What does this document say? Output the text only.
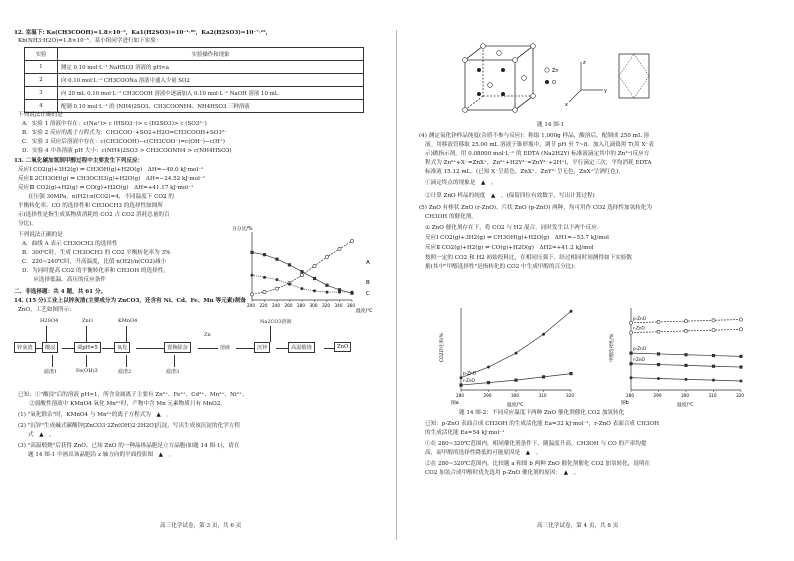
12. 室温下: Ka(CH3COOH)=1.8×10⁻⁵，Ka1(H2SO3)=10⁻¹·⁸⁹，Ka2(H2SO3)=10⁻⁷·²²，
Kb(NH3·H2O)=1.8×10⁻⁵。某小组同学进行如下实验：
实验	实验操作和现象
1	测定 0.10 mol·L⁻¹ NaHSO3 溶液的 pH≈a
2	向 0.10 mol·L⁻¹ CH3COONa 溶液中通入少量 SO2
3	向 20 mL 0.10 mol·L⁻¹ CH3COOH 溶液中逐滴加入 0.10 mol·L⁻¹ NaOH 溶液 10 mL
4	配制 0.10 mol·L⁻¹ 的 (NH4)2SO3、CH3COONH4、NH4HSO3 三种溶液
下列说法正确的是
A．实验 1 溶液中存在：c(Na⁺)> c (HSO3⁻)> c (H2SO3)> c (SO3²⁻)
B．实验 2 反应的离子方程式为：CH3COO⁻+SO2+H2O=CH3COOH+SO3²⁻
C．实验 3 反应后溶液中存在：c(CH3COOH)−c(CH3COO⁻)=c(OH⁻)−c(H⁺)
D．实验 4 中各溶液 pH 大小：c(NH4)2SO3 > CH3COONH4 > c(NH4HSO3)
13. 二氧化碳加氢制甲醇过程中主要发生下列反应：
反应Ⅰ CO2(g)+3H2(g) ⇌ CH3OH(g)+H2O(g)　ΔH=−49.0 kJ·mol⁻¹
反应Ⅱ 2CH3OH(g) ⇌ CH3OCH3(g)+H2O(g)　ΔH=−24.52 kJ·mol⁻¹
反应Ⅲ CO2(g)+H2(g) ⇌ CO(g)+H2O(g)　ΔH=+41.17 kJ·mol⁻¹
在压强 30MPa，n(H2):n(CO2)=4，不同温度下 CO2 的
平衡转化率、CO 的选择性和 CH3OCH3 的选择性如图所
示(选择性是指生成某物质消耗的 CO2 占 CO2 消耗总量的百
分比)。
下列说法正确的是
A．曲线 A 表示 CH3OCH3 的选择性
B．300℃时，生成 CH3OCH3 的 CO2 平衡转化率为 3%
C．220~240℃时，升高温度，比值 n(H2)/n(CO2)减小
D．为同时提高 CO2 的平衡转化率和 CH3OH 的选择性，
　　应选择低温、高压的反应条件
百分比/%
温度/℃
A
B
C
200 220 240 260 280 300 320 340 360
二、非选择题：共 4 题，共 61 分。
14. (15 分)工业上以锌灰渣(主要成分为 ZnCO3，还含有 Ni、Cd、Fe、Mn 等元素)制备
ZnO，工艺如图所示：
H2SO4	ZnO	KMnO4
Zn
Na2CO3溶液
锌灰渣	酸浸	调pH=5	氧化	置换除杂	溶液	沉锌	高温煅烧	ZnO
滤渣1	Fe(OH)3	滤渣2	滤渣3
已知：①"酸浸"后的溶液 pH≈1，所含金属离子主要有 Zn²⁺、Fe²⁺、Cd²⁺、Mn²⁺、Ni²⁺。
　　②弱酸性溶液中 KMnO4 氧化 Mn²⁺时，产物中含 Mn 元素物质只有 MnO2。
(1) "氧化除杂"时，KMnO4 与 Mn²⁺的离子方程式为　▲　。
(2) "沉锌"生成碱式碳酸锌[ZnCO3·2Zn(OH)2·2H2O]沉淀，写出生成该沉淀的化学方程
式　▲　。
(3) "高温煅烧"后获得 ZnO。已知 ZnO 的一种晶体晶胞是立方晶胞(如题 14 图-1)，请在
题 14 图-1 中画出该晶胞沿 z 轴方向的平面投影图　▲　。
高三化学试卷，第 3 页，共 6 页
Zn
O
z
y
x
题 14 图-1
(4) 测定氧化锌样品纯度(杂质不参与反应)：称取 1.000g 样品，酸溶后，配制成 250 mL 溶
液。用移液管移取 25.00 mL 溶液于锥形瓶中，调节 pH 至 7~8，加入几滴铬黑 T(用 X⁻表
示)做指示剂，用 0.08000 mol·L⁻¹ 的 EDTA (Na2H2Y) 标准液滴定其中的 Zn²⁺(反应方
程式为 Zn²⁺+X⁻=ZnX⁺，Zn²⁺+H2Y²⁻=ZnY²⁻+2H⁺)，平行滴定三次，平均消耗 EDTA
标准液 15.12 mL。(已知 X⁻呈蓝色，ZnX⁺、ZnY²⁻呈无色，ZnX⁺呈酒红色)。
①滴定终点的现象是　▲　。
②计算 ZnO 样品的纯度　▲　。(保留四位有效数字，写出计算过程)
(5) ZnO 有棒状 ZnO (r-ZnO)、片状 ZnO (p-ZnO) 两种，均可用作 CO2 选择性加氢转化为
CH3OH 的催化剂。
① ZnO 催化剂存在下，将 CO2 与 H2 混合，同时发生以下两个反应：
反应Ⅰ CO2(g)+3H2(g) ⇌ CH3OH(g)+H2O(g)　ΔH1=−53.7 kJ/mol
反应Ⅱ CO2(g)+H2(g) ⇌ CO(g)+H2O(g)　ΔH2=+41.2 kJ/mol
按照一定的 CO2 和 H2 初始投料比，在相同压强下，经过相同时间测得如下实验数
据(其中"甲醇选择性"是指转化的 CO2 中生成甲醇的百分比)：
CO2转化率/%
温度/℃
图a
280	290	300	310	320
p-ZnO
r-ZnO
甲醇选择性/%
温度/℃
图b
280	290	300	310	320
p-ZnO
r-ZnO
p-ZnO
r-ZnO
题 14 图-2：不同反应温度下两种 ZnO 催化剂催化 CO2 加氢转化
已知：p-ZnO 表面合成 CH3OH 的生成活化能 Ea=32 kJ·mol⁻¹，r-ZnO 表面合成 CH3OH
的生成活化能 Ea=54 kJ·mol⁻¹
①在 280~320℃范围内，相同催化剂条件下，随温度升高，CH3OH 与 CO 的产率均提
高，而甲醇的选择性降低的可能原因是　▲　。
②在 280~320℃范围内，比较题 a 和图 b 两种 ZnO 催化剂催化 CO2 加氢转化，说明在
CO2 加氢合成甲醇时优先选用 p-ZnO 催化剂的原因：　▲　。
高三化学试卷，第 4 页，共 6 页
